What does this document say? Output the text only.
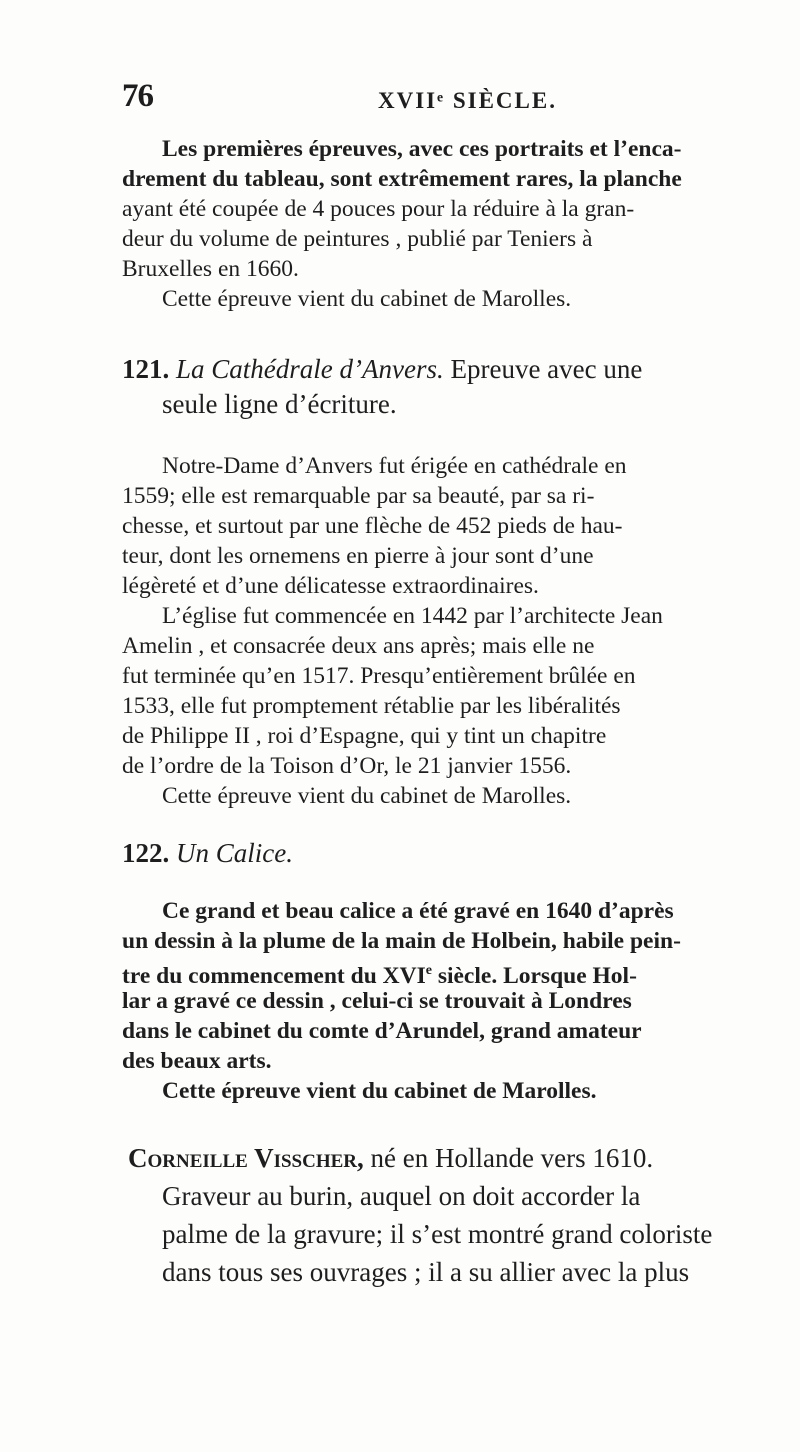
76	XVIIᵉ SIÈCLE.
Les premières épreuves, avec ces portraits et l’enca-
drement du tableau, sont extrêmement rares, la planche
ayant été coupée de 4 pouces pour la réduire à la gran-
deur du volume de peintures , publié par Teniers à
Bruxelles en 1660.
Cette épreuve vient du cabinet de Marolles.
121. La Cathédrale d’Anvers. Epreuve avec une
seule ligne d’écriture.
Notre-Dame d’Anvers fut érigée en cathédrale en
1559; elle est remarquable par sa beauté, par sa ri-
chesse, et surtout par une flèche de 452 pieds de hau-
teur, dont les ornemens en pierre à jour sont d’une
légèreté et d’une délicatesse extraordinaires.
L’église fut commencée en 1442 par l’architecte Jean
Amelin , et consacrée deux ans après; mais elle ne
fut terminée qu’en 1517. Presqu’entièrement brûlée en
1533, elle fut promptement rétablie par les libéralités
de Philippe II , roi d’Espagne, qui y tint un chapitre
de l’ordre de la Toison d’Or, le 21 janvier 1556.
Cette épreuve vient du cabinet de Marolles.
122. Un Calice.
Ce grand et beau calice a été gravé en 1640 d’après
un dessin à la plume de la main de Holbein, habile pein-
tre du commencement du XVIe siècle. Lorsque Hol-
lar a gravé ce dessin , celui-ci se trouvait à Londres
dans le cabinet du comte d’Arundel, grand amateur
des beaux arts.
Cette épreuve vient du cabinet de Marolles.
Corneille Visscher, né en Hollande vers 1610.
Graveur au burin, auquel on doit accorder la
palme de la gravure; il s’est montré grand coloriste
dans tous ses ouvrages ; il a su allier avec la plus
